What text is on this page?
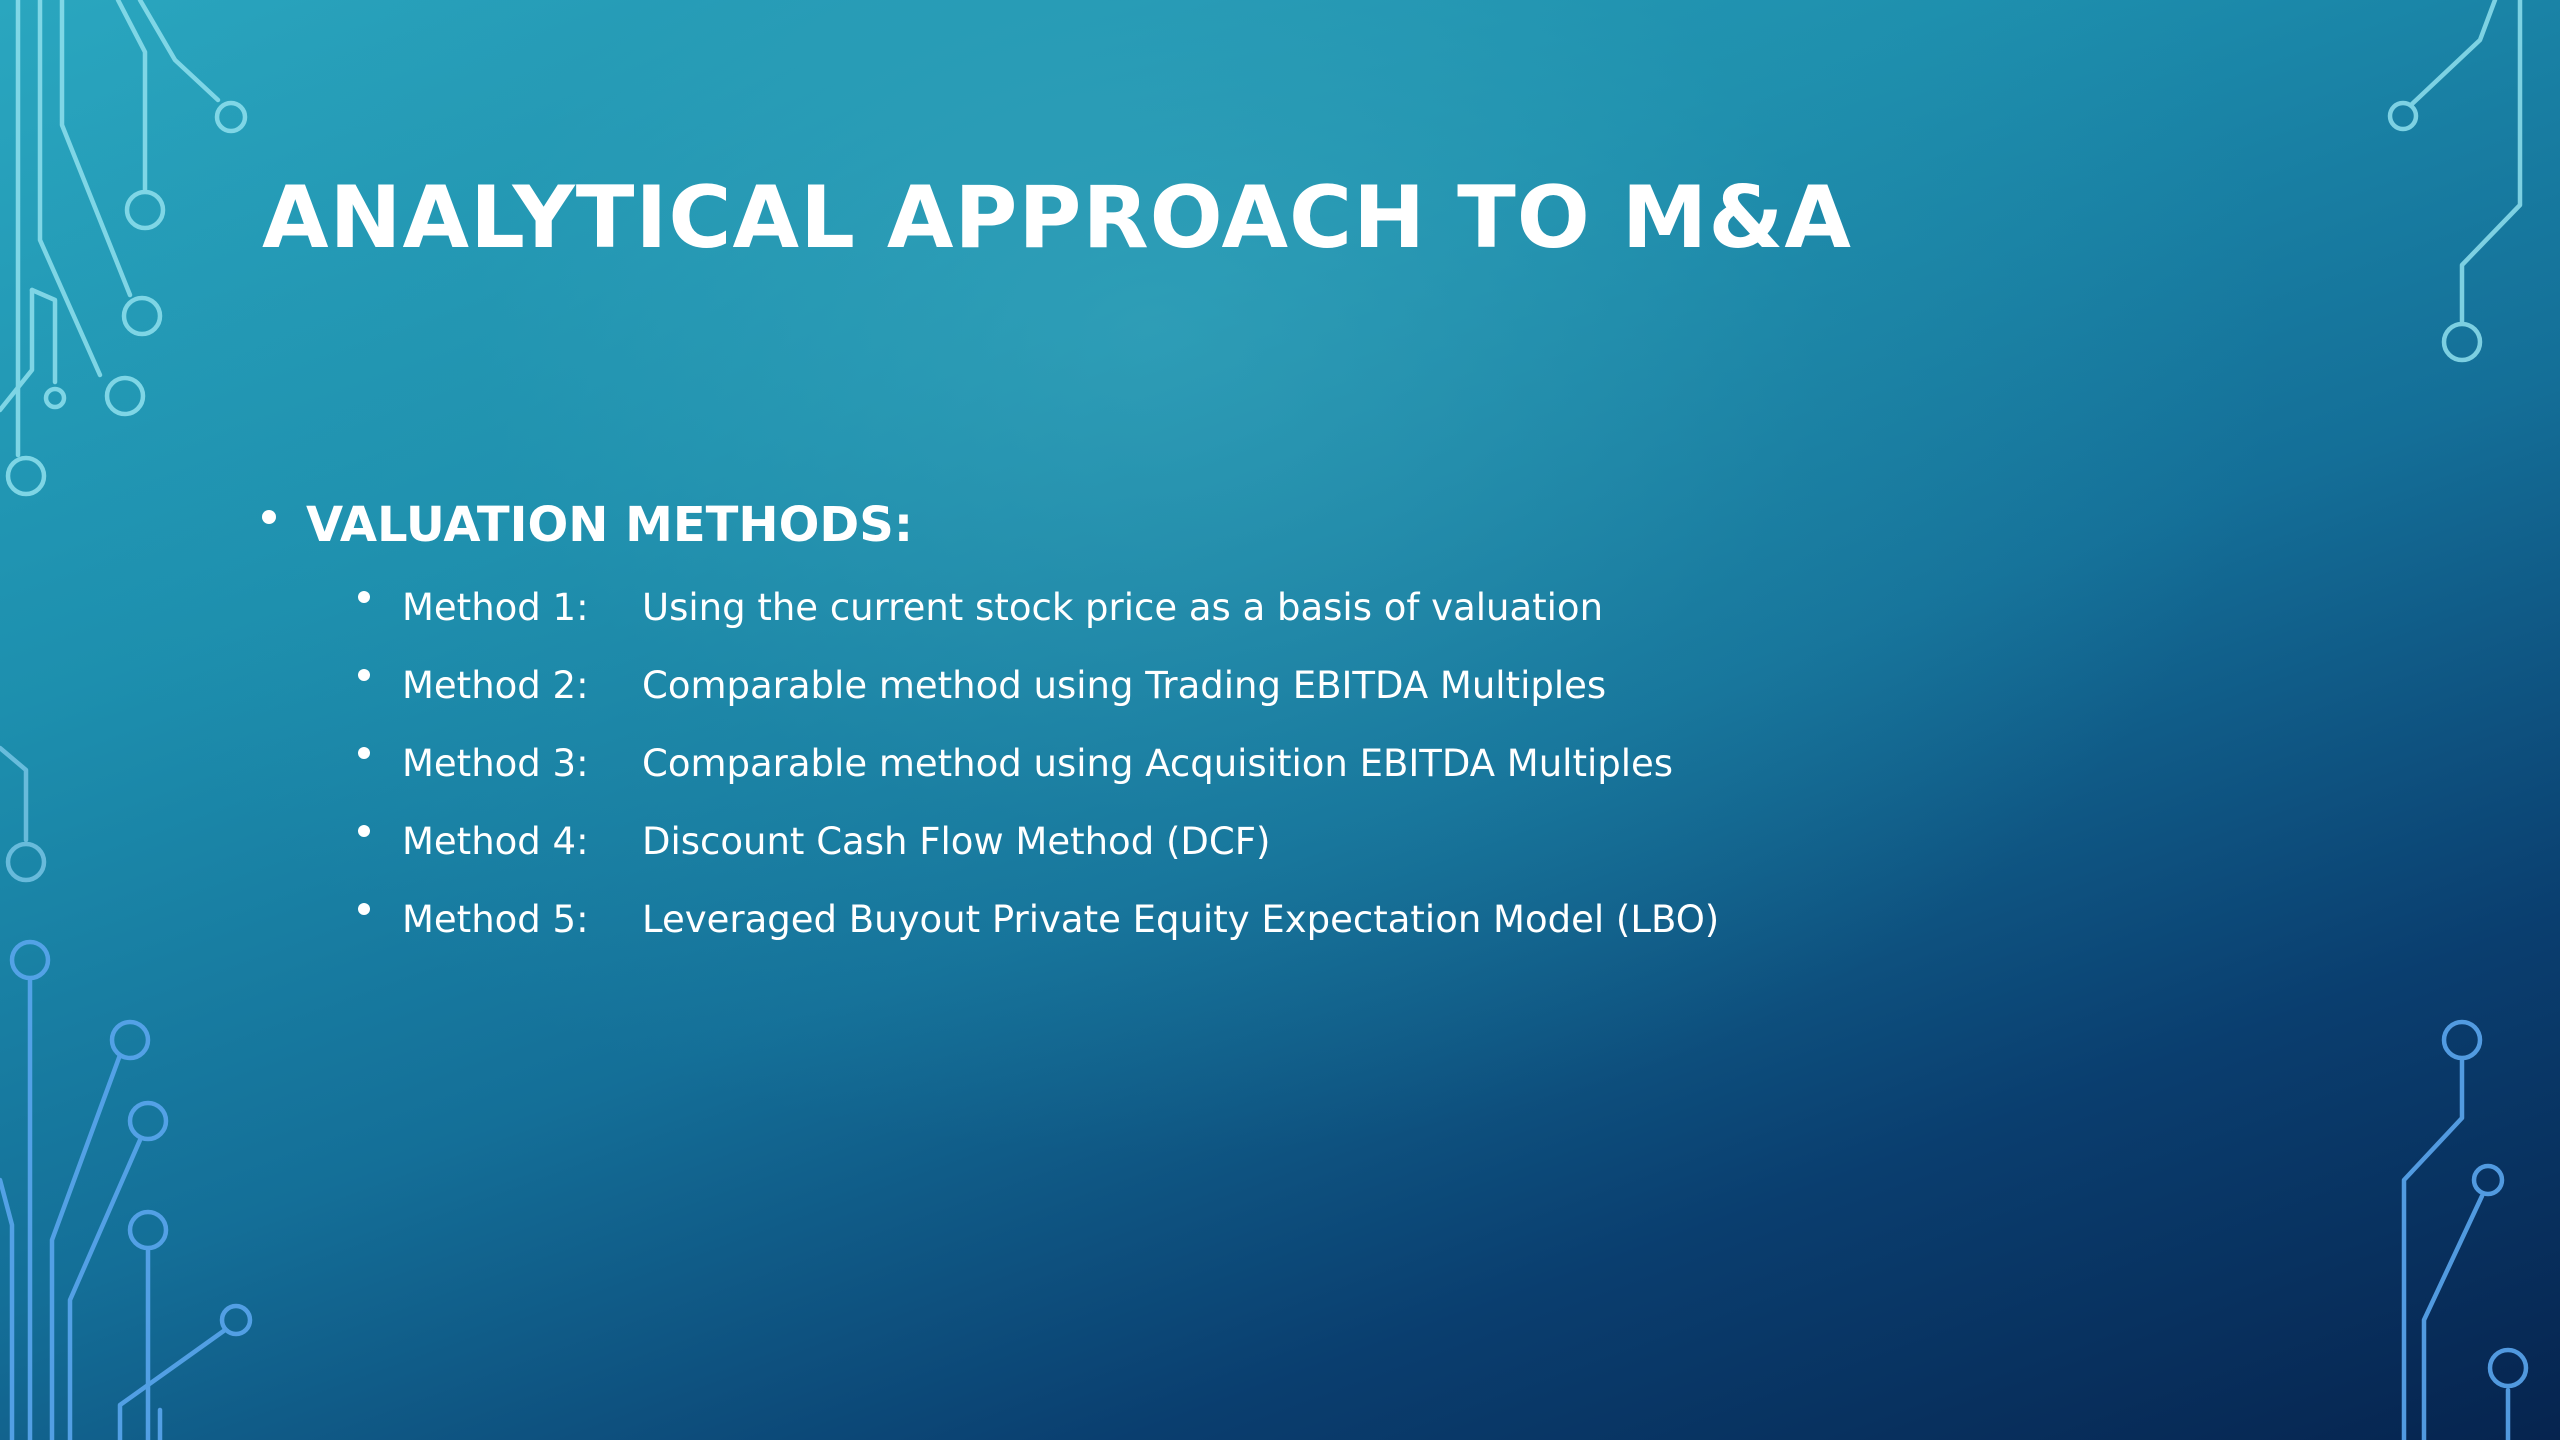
ANALYTICAL APPROACH TO M&A
VALUATION METHODS:
Method 1:	Using the current stock price as a basis of valuation
Method 2:	Comparable method using Trading EBITDA Multiples
Method 3:	Comparable method using Acquisition EBITDA Multiples
Method 4:	Discount Cash Flow Method (DCF)
Method 5:	Leveraged Buyout Private Equity Expectation Model (LBO)
